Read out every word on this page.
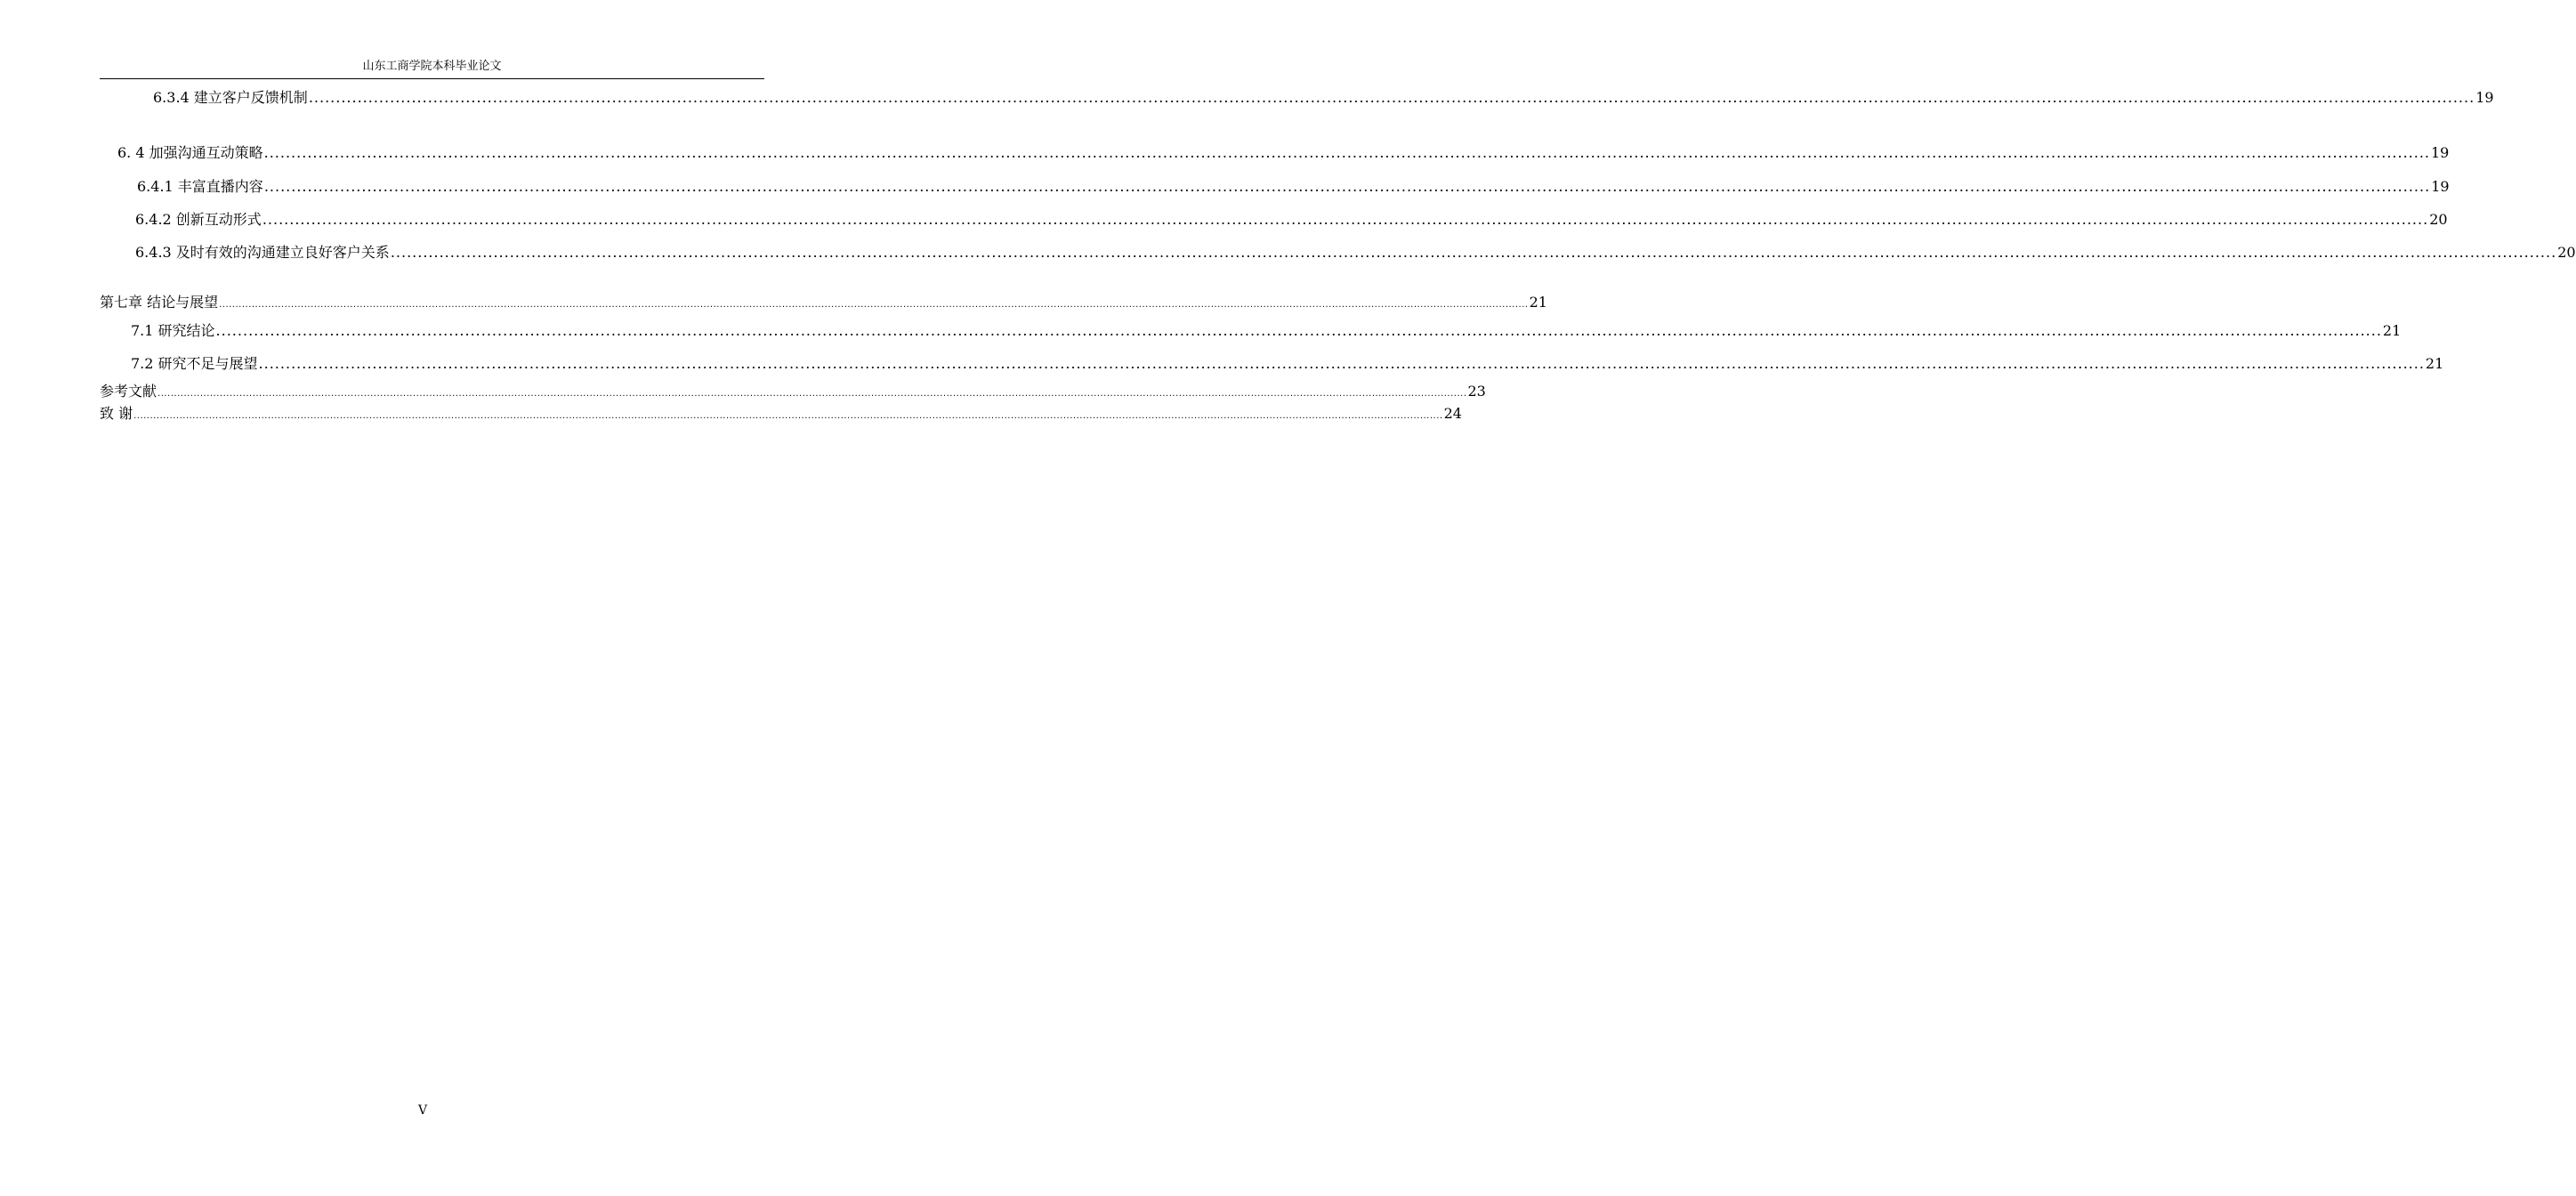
山东工商学院本科毕业论文
6.3.4 建立客户反馈机制 ................................................................................................................................................................................................................................................................................................................................................................................................................ 19
6. 4 加强沟通互动策略 ................................................................................................................................................................................................................................................................................................................................................................................................................ 19
6.4.1 丰富直播内容 ................................................................................................................................................................................................................................................................................................................................................................................................................ 19
6.4.2 创新互动形式 ................................................................................................................................................................................................................................................................................................................................................................................................................ 20
6.4.3 及时有效的沟通建立良好客户关系 ................................................................................................................................................................................................................................................................................................................................................................................................................ 20
第七章 结论与展望 ................................................................................................................................................................................................................................................................................................................................................................................................................ 21
7.1 研究结论 ................................................................................................................................................................................................................................................................................................................................................................................................................ 21
7.2 研究不足与展望 ................................................................................................................................................................................................................................................................................................................................................................................................................ 21
参考文献 ................................................................................................................................................................................................................................................................................................................................................................................................................ 23
致 谢 ................................................................................................................................................................................................................................................................................................................................................................................................................ 24
V
